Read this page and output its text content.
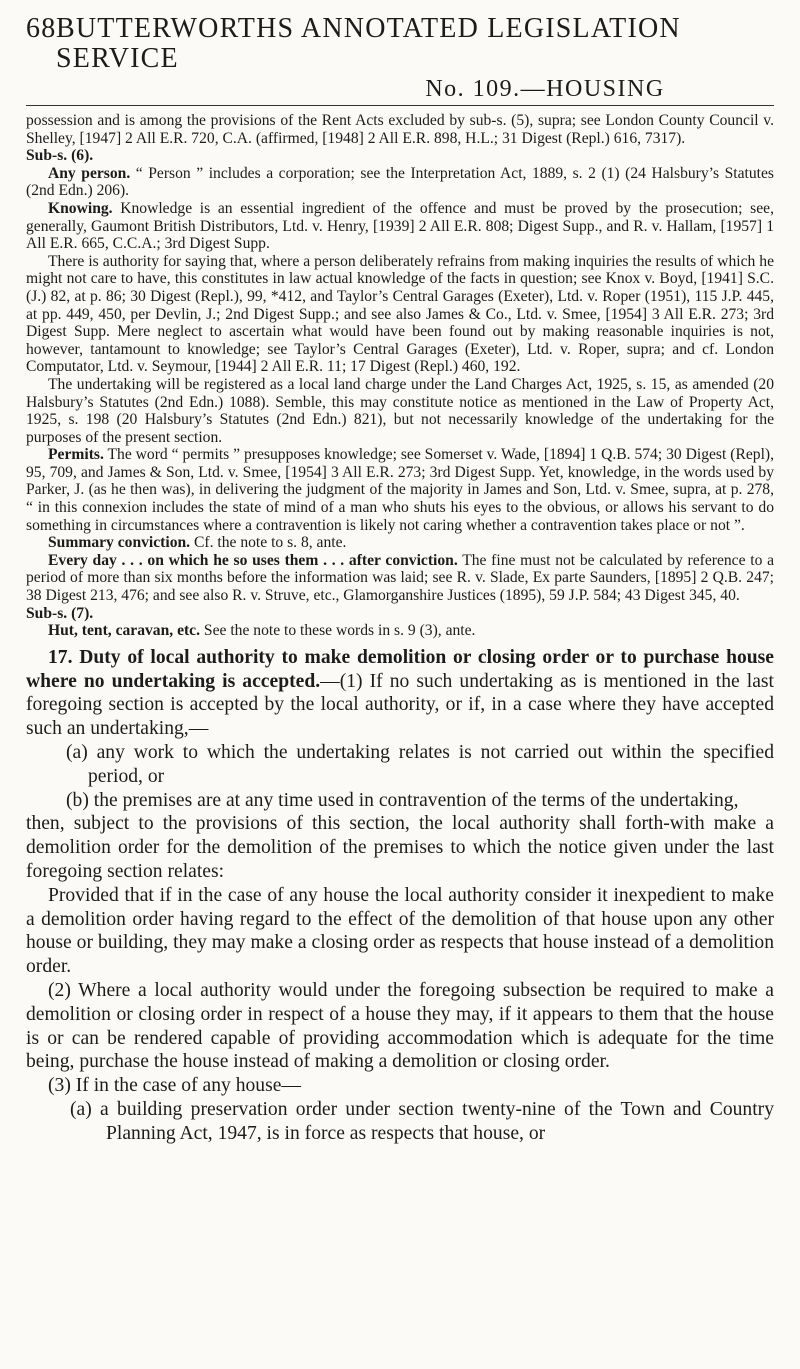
68 BUTTERWORTHS ANNOTATED LEGISLATION SERVICE
No. 109.—HOUSING

possession and is among the provisions of the Rent Acts excluded by sub-s. (5), supra; see London County Council v. Shelley, [1947] 2 All E.R. 720, C.A. (affirmed, [1948] 2 All E.R. 898, H.L.; 31 Digest (Repl.) 616, 7317).

Sub-s. (6).

Any person. “ Person ” includes a corporation; see the Interpretation Act, 1889, s. 2 (1) (24 Halsbury’s Statutes (2nd Edn.) 206).

Knowing. Knowledge is an essential ingredient of the offence and must be proved by the prosecution; see, generally, Gaumont British Distributors, Ltd. v. Henry, [1939] 2 All E.R. 808; Digest Supp., and R. v. Hallam, [1957] 1 All E.R. 665, C.C.A.; 3rd Digest Supp.

There is authority for saying that, where a person deliberately refrains from making inquiries the results of which he might not care to have, this constitutes in law actual knowledge of the facts in question; see Knox v. Boyd, [1941] S.C. (J.) 82, at p. 86; 30 Digest (Repl.), 99, *412, and Taylor’s Central Garages (Exeter), Ltd. v. Roper (1951), 115 J.P. 445, at pp. 449, 450, per Devlin, J.; 2nd Digest Supp.; and see also James & Co., Ltd. v. Smee, [1954] 3 All E.R. 273; 3rd Digest Supp. Mere neglect to ascertain what would have been found out by making reasonable inquiries is not, however, tantamount to knowledge; see Taylor’s Central Garages (Exeter), Ltd. v. Roper, supra; and cf. London Computator, Ltd. v. Seymour, [1944] 2 All E.R. 11; 17 Digest (Repl.) 460, 192.

The undertaking will be registered as a local land charge under the Land Charges Act, 1925, s. 15, as amended (20 Halsbury’s Statutes (2nd Edn.) 1088). Semble, this may constitute notice as mentioned in the Law of Property Act, 1925, s. 198 (20 Halsbury’s Statutes (2nd Edn.) 821), but not necessarily knowledge of the undertaking for the purposes of the present section.

Permits. The word “ permits ” presupposes knowledge; see Somerset v. Wade, [1894] 1 Q.B. 574; 30 Digest (Repl), 95, 709, and James & Son, Ltd. v. Smee, [1954] 3 All E.R. 273; 3rd Digest Supp. Yet, knowledge, in the words used by Parker, J. (as he then was), in delivering the judgment of the majority in James and Son, Ltd. v. Smee, supra, at p. 278, “ in this connexion includes the state of mind of a man who shuts his eyes to the obvious, or allows his servant to do something in circumstances where a contravention is likely not caring whether a contravention takes place or not ”.

Summary conviction. Cf. the note to s. 8, ante.

Every day . . . on which he so uses them . . . after conviction. The fine must not be calculated by reference to a period of more than six months before the information was laid; see R. v. Slade, Ex parte Saunders, [1895] 2 Q.B. 247; 38 Digest 213, 476; and see also R. v. Struve, etc., Glamorganshire Justices (1895), 59 J.P. 584; 43 Digest 345, 40.

Sub-s. (7).

Hut, tent, caravan, etc. See the note to these words in s. 9 (3), ante.

17. Duty of local authority to make demolition or closing order or to purchase house where no undertaking is accepted.—(1) If no such undertaking as is mentioned in the last foregoing section is accepted by the local authority, or if, in a case where they have accepted such an undertaking,—

(a) any work to which the undertaking relates is not carried out within the specified period, or

(b) the premises are at any time used in contravention of the terms of the undertaking,

then, subject to the provisions of this section, the local authority shall forth-with make a demolition order for the demolition of the premises to which the notice given under the last foregoing section relates:

Provided that if in the case of any house the local authority consider it inexpedient to make a demolition order having regard to the effect of the demolition of that house upon any other house or building, they may make a closing order as respects that house instead of a demolition order.

(2) Where a local authority would under the foregoing subsection be required to make a demolition or closing order in respect of a house they may, if it appears to them that the house is or can be rendered capable of providing accommodation which is adequate for the time being, purchase the house instead of making a demolition or closing order.

(3) If in the case of any house—

(a) a building preservation order under section twenty-nine of the Town and Country Planning Act, 1947, is in force as respects that house, or
